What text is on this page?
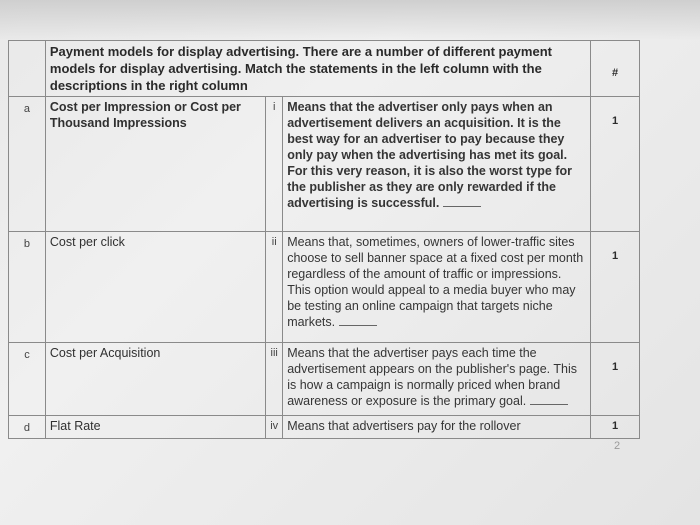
	Payment models for display advertising. There are a number of different payment models for display advertising. Match the statements in the left column with the descriptions in the right column			#

a	Cost per Impression or Cost per Thousand Impressions	i	Means that the advertiser only pays when an advertisement delivers an acquisition. It is the best way for an advertiser to pay because they only pay when the advertising has met its goal. For this very reason, it is also the worst type for the publisher as they are only rewarded if the advertising is successful.	1

b	Cost per click	ii	Means that, sometimes, owners of lower-traffic sites choose to sell banner space at a fixed cost per month regardless of the amount of traffic or impressions. This option would appeal to a media buyer who may be testing an online campaign that targets niche markets.	1

c	Cost per Acquisition	iii	Means that the advertiser pays each time the advertisement appears on the publisher's page. This is how a campaign is normally priced when brand awareness or exposure is the primary goal.	1

d	Flat Rate	iv	Means that advertisers pay for the rollover	1
2
